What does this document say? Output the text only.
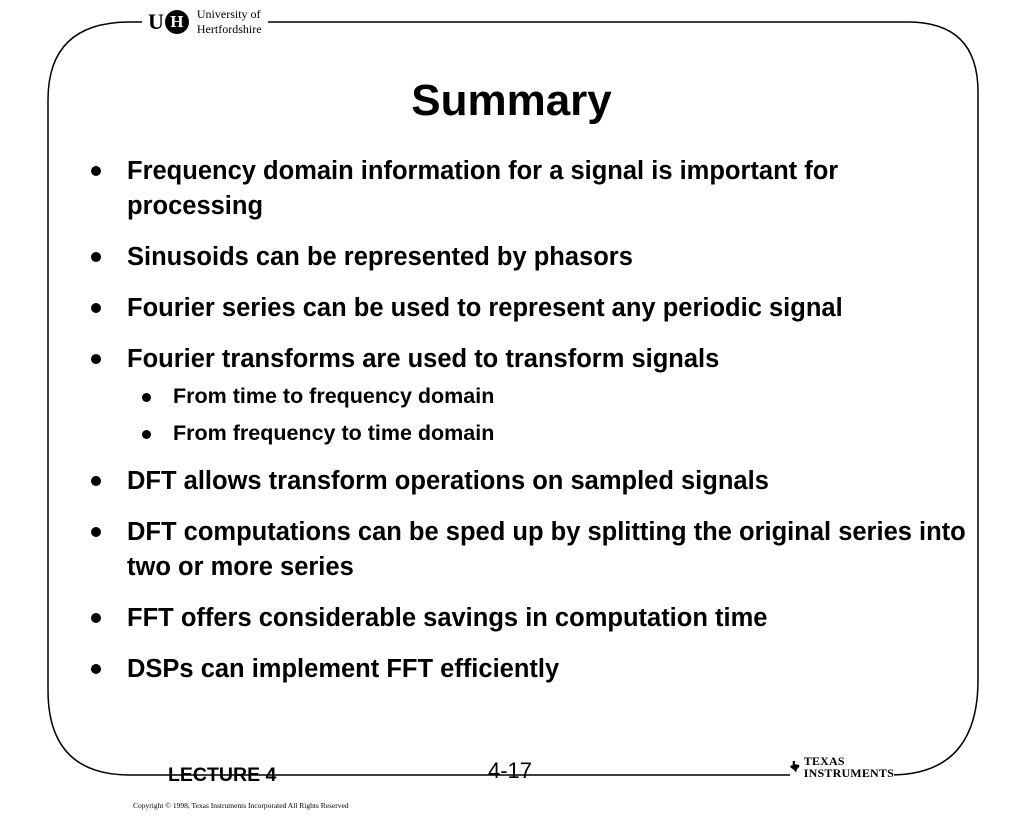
U H	University of
Hertfordshire
Summary
Frequency domain information for a signal is important for processing
Sinusoids can be represented by phasors
Fourier series can be used to represent any periodic signal
Fourier transforms are used to transform signals
From time to frequency domain
From frequency to time domain
DFT allows transform operations on sampled signals
DFT computations can be sped up by splitting the original series into two or more series
FFT offers considerable savings in computation time
DSPs can implement FFT efficiently
LECTURE 4	4-17	TEXAS
INSTRUMENTS
Copyright © 1998, Texas Instruments Incorporated All Rights Reserved
